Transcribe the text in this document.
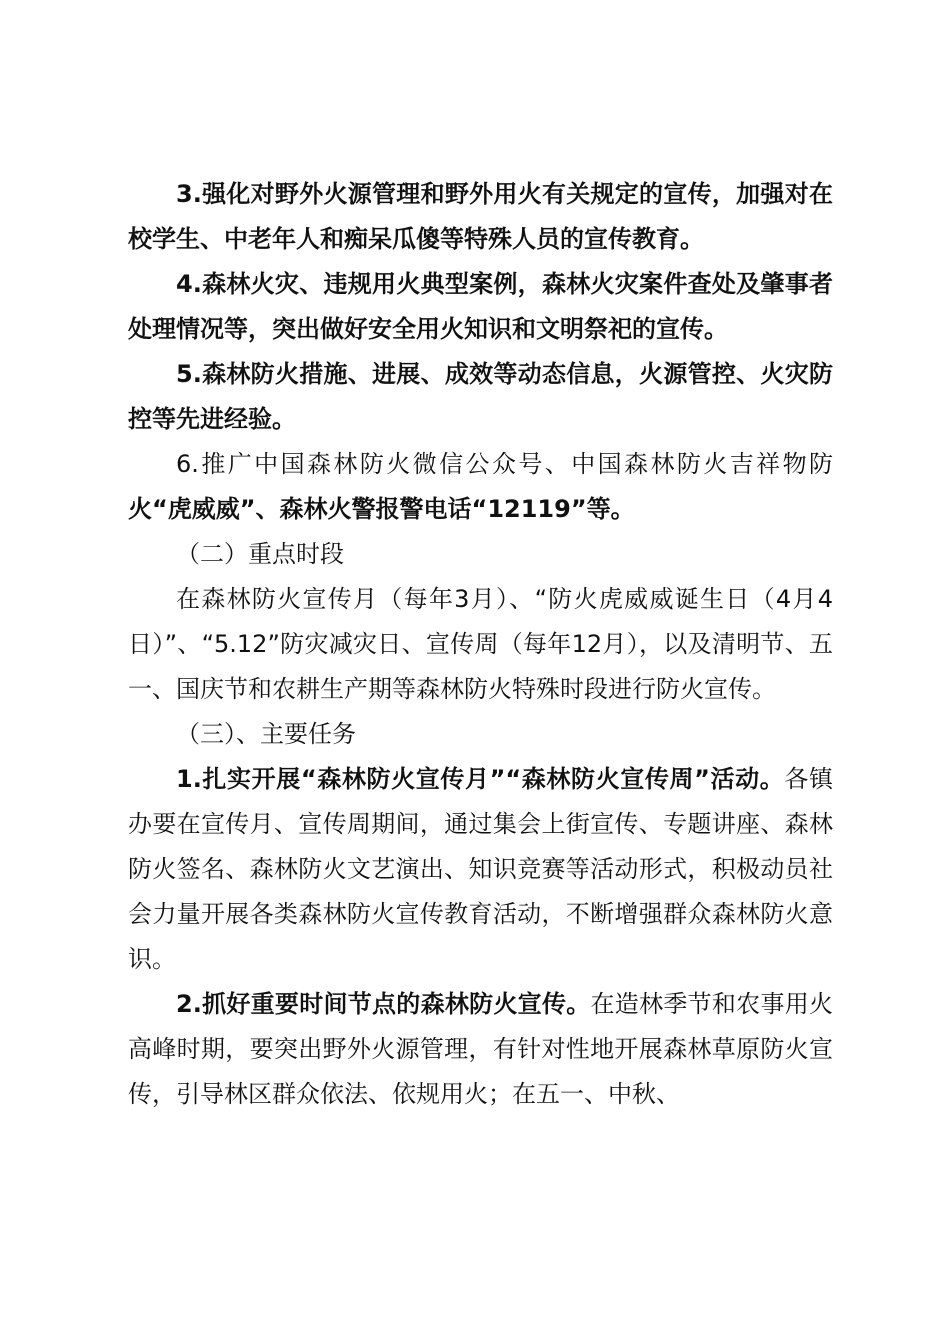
3.强化对野外火源管理和野外用火有关规定的宣传，加强对在校学生、中老年人和痴呆瓜傻等特殊人员的宣传教育。

4.森林火灾、违规用火典型案例，森林火灾案件查处及肇事者处理情况等，突出做好安全用火知识和文明祭祀的宣传。

5.森林防火措施、进展、成效等动态信息，火源管控、火灾防控等先进经验。

6.推广中国森林防火微信公众号、中国森林防火吉祥物防火“虎威威”、森林火警报警电话“12119”等。

（二）重点时段

在森林防火宣传月（每年3月）、“防火虎威威诞生日（4月4日）”、“5.12”防灾减灾日、宣传周（每年12月），以及清明节、五一、国庆节和农耕生产期等森林防火特殊时段进行防火宣传。

（三）、主要任务

1.扎实开展“森林防火宣传月”“森林防火宣传周”活动。各镇办要在宣传月、宣传周期间，通过集会上街宣传、专题讲座、森林防火签名、森林防火文艺演出、知识竞赛等活动形式，积极动员社会力量开展各类森林防火宣传教育活动，不断增强群众森林防火意识。

2.抓好重要时间节点的森林防火宣传。在造林季节和农事用火高峰时期，要突出野外火源管理，有针对性地开展森林草原防火宣传，引导林区群众依法、依规用火；在五一、中秋、
